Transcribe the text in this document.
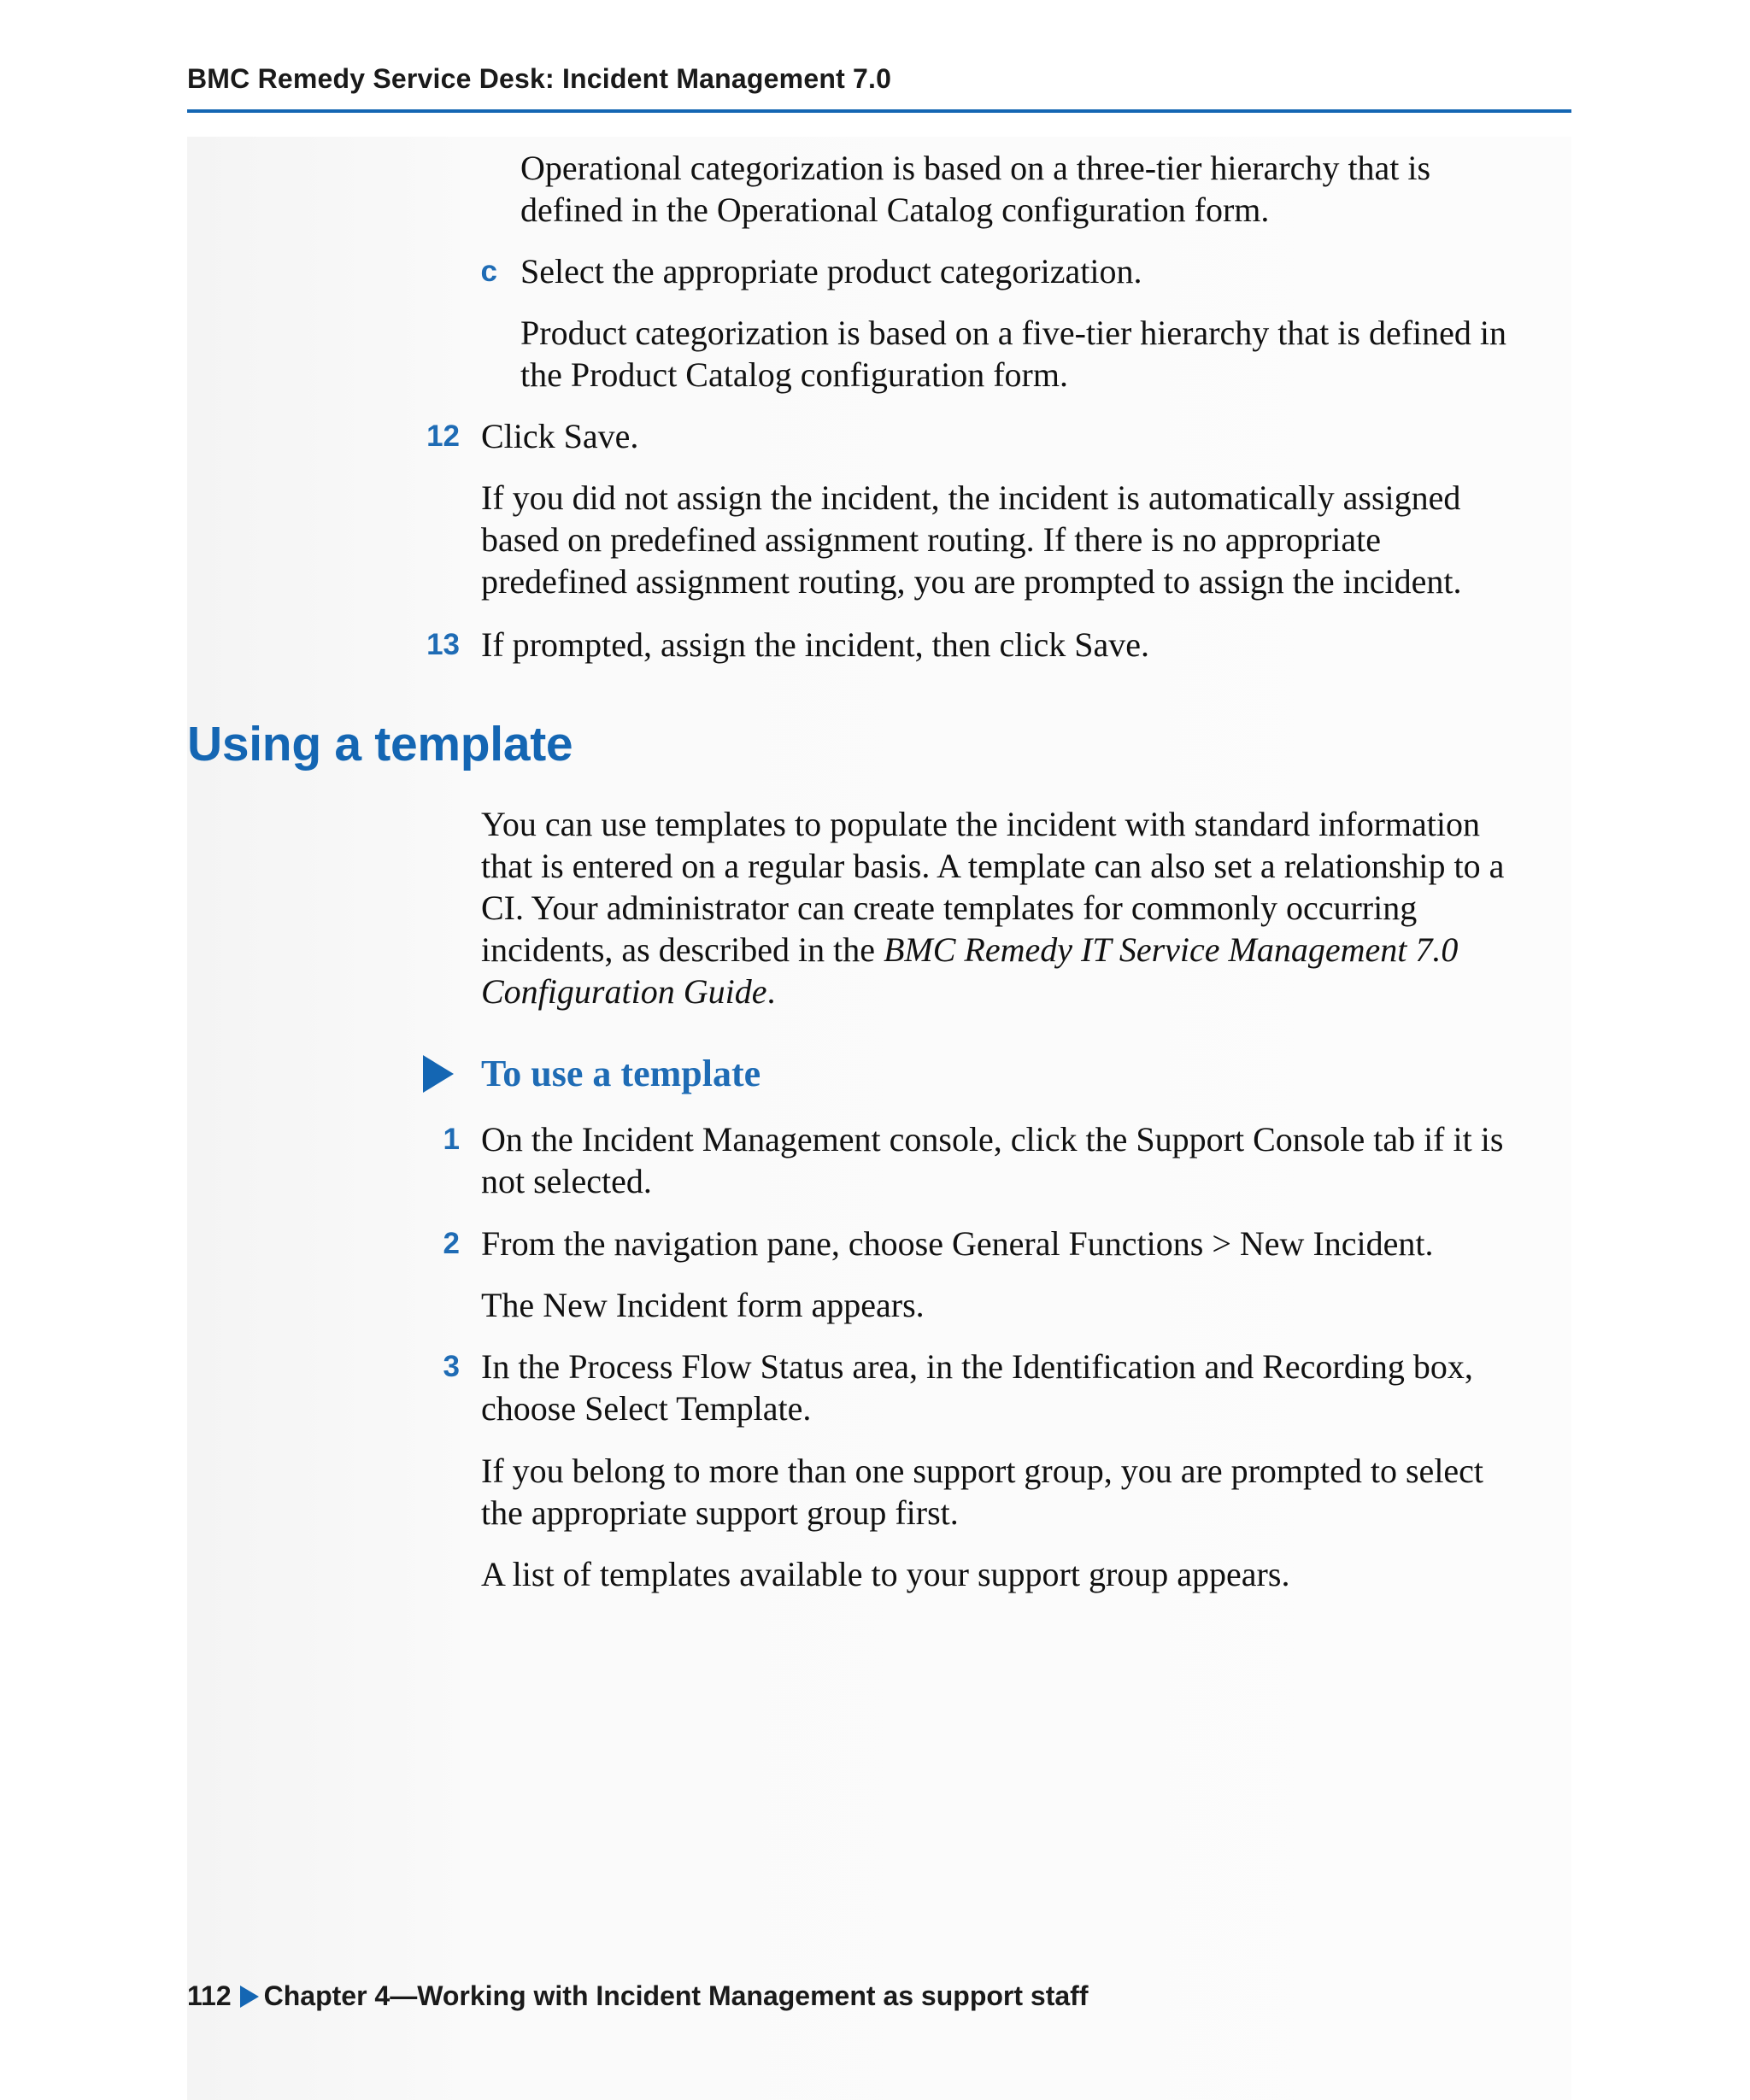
BMC Remedy Service Desk: Incident Management 7.0

Operational categorization is based on a three-tier hierarchy that is
defined in the Operational Catalog configuration form.

c Select the appropriate product categorization.

Product categorization is based on a five-tier hierarchy that is defined in
the Product Catalog configuration form.

12 Click Save.

If you did not assign the incident, the incident is automatically assigned
based on predefined assignment routing. If there is no appropriate
predefined assignment routing, you are prompted to assign the incident.

13 If prompted, assign the incident, then click Save.

Using a template

You can use templates to populate the incident with standard information
that is entered on a regular basis. A template can also set a relationship to a
CI. Your administrator can create templates for commonly occurring
incidents, as described in the BMC Remedy IT Service Management 7.0
Configuration Guide.

To use a template
1 On the Incident Management console, click the Support Console tab if it is
not selected.

2 From the navigation pane, choose General Functions > New Incident.

The New Incident form appears.

3 In the Process Flow Status area, in the Identification and Recording box,
choose Select Template.

If you belong to more than one support group, you are prompted to select
the appropriate support group first.

A list of templates available to your support group appears.

112 Chapter 4—Working with Incident Management as support staff
